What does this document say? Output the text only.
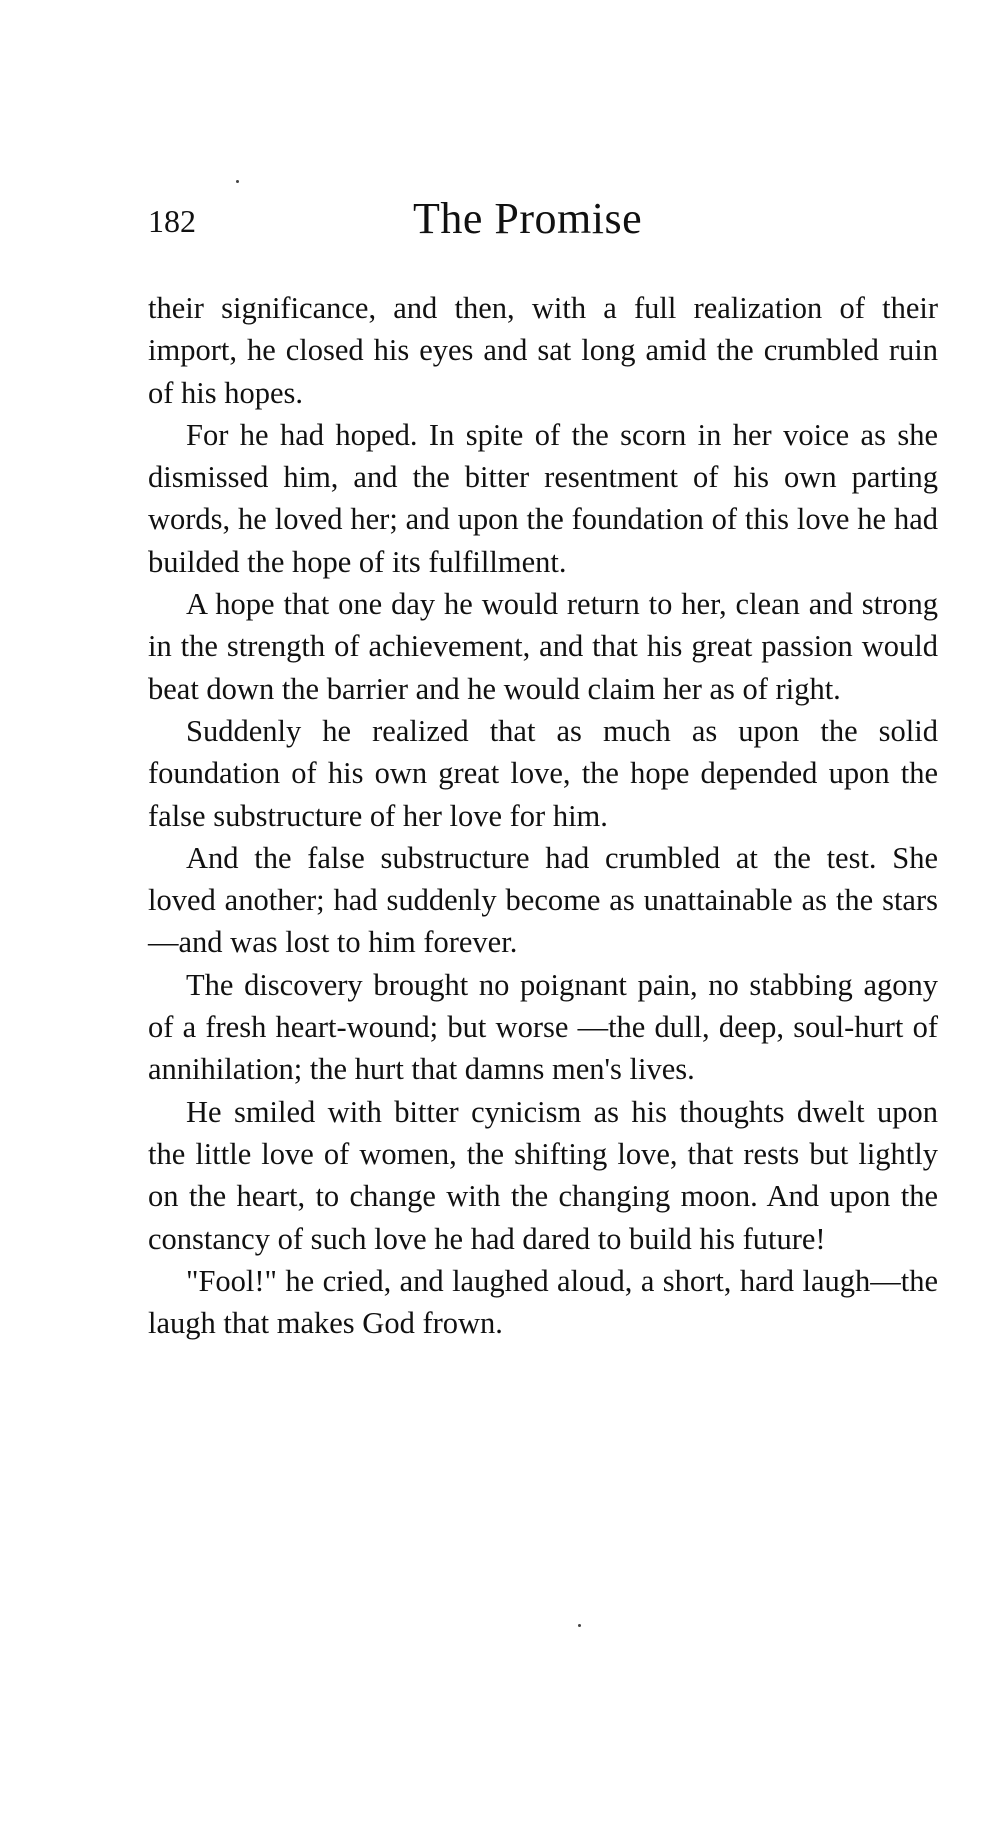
182	The Promise

their significance, and then, with a full realization of their import, he closed his eyes and sat long amid the crumbled ruin of his hopes.

For he had hoped. In spite of the scorn in her voice as she dismissed him, and the bitter resentment of his own parting words, he loved her; and upon the foundation of this love he had builded the hope of its fulfillment.

A hope that one day he would return to her, clean and strong in the strength of achievement, and that his great passion would beat down the barrier and he would claim her as of right.

Suddenly he realized that as much as upon the solid foundation of his own great love, the hope depended upon the false substructure of her love for him.

And the false substructure had crumbled at the test. She loved another; had suddenly become as unattainable as the stars—and was lost to him forever.

The discovery brought no poignant pain, no stabbing agony of a fresh heart-wound; but worse —the dull, deep, soul-hurt of annihilation; the hurt that damns men's lives.

He smiled with bitter cynicism as his thoughts dwelt upon the little love of women, the shifting love, that rests but lightly on the heart, to change with the changing moon. And upon the constancy of such love he had dared to build his future!

"Fool!" he cried, and laughed aloud, a short, hard laugh—the laugh that makes God frown.
